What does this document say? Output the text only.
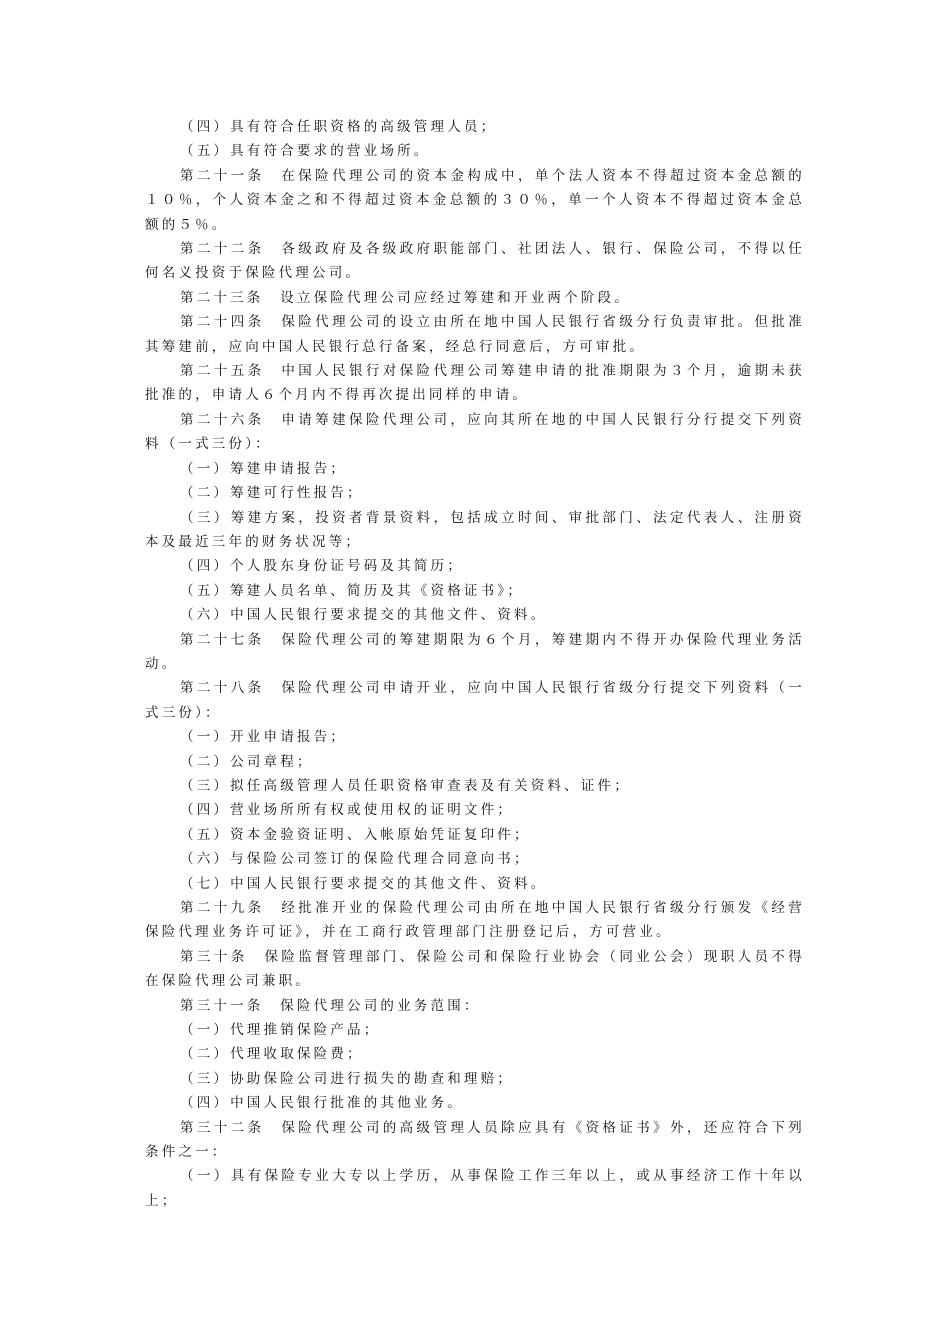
（四）具有符合任职资格的高级管理人员；

（五）具有符合要求的营业场所。

第二十一条　在保险代理公司的资本金构成中，单个法人资本不得超过资本金总额的１０％，个人资本金之和不得超过资本金总额的３０％，单一个人资本不得超过资本金总额的５％。

第二十二条　各级政府及各级政府职能部门、社团法人、银行、保险公司，不得以任何名义投资于保险代理公司。

第二十三条　设立保险代理公司应经过筹建和开业两个阶段。

第二十四条　保险代理公司的设立由所在地中国人民银行省级分行负责审批。但批准其筹建前，应向中国人民银行总行备案，经总行同意后，方可审批。

第二十五条　中国人民银行对保险代理公司筹建申请的批准期限为３个月，逾期未获批准的，申请人６个月内不得再次提出同样的申请。

第二十六条　申请筹建保险代理公司，应向其所在地的中国人民银行分行提交下列资料（一式三份）：

（一）筹建申请报告；

（二）筹建可行性报告；

（三）筹建方案，投资者背景资料，包括成立时间、审批部门、法定代表人、注册资本及最近三年的财务状况等；

（四）个人股东身份证号码及其简历；

（五）筹建人员名单、简历及其《资格证书》；

（六）中国人民银行要求提交的其他文件、资料。

第二十七条　保险代理公司的筹建期限为６个月，筹建期内不得开办保险代理业务活动。

第二十八条　保险代理公司申请开业，应向中国人民银行省级分行提交下列资料（一式三份）：

（一）开业申请报告；

（二）公司章程；

（三）拟任高级管理人员任职资格审查表及有关资料、证件；

（四）营业场所所有权或使用权的证明文件；

（五）资本金验资证明、入帐原始凭证复印件；

（六）与保险公司签订的保险代理合同意向书；

（七）中国人民银行要求提交的其他文件、资料。

第二十九条　经批准开业的保险代理公司由所在地中国人民银行省级分行颁发《经营保险代理业务许可证》，并在工商行政管理部门注册登记后，方可营业。

第三十条　保险监督管理部门、保险公司和保险行业协会（同业公会）现职人员不得在保险代理公司兼职。

第三十一条　保险代理公司的业务范围：

（一）代理推销保险产品；

（二）代理收取保险费；

（三）协助保险公司进行损失的勘查和理赔；

（四）中国人民银行批准的其他业务。

第三十二条　保险代理公司的高级管理人员除应具有《资格证书》外，还应符合下列条件之一：

（一）具有保险专业大专以上学历，从事保险工作三年以上，或从事经济工作十年以上；
